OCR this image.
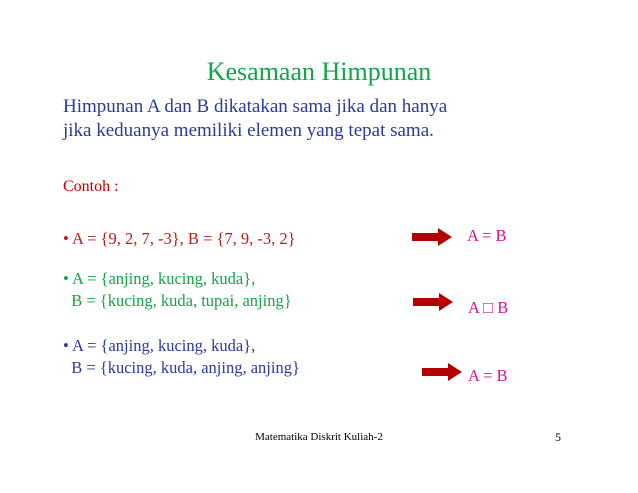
Kesamaan Himpunan
Himpunan A dan B dikatakan sama jika dan hanya
jika keduanya memiliki elemen yang tepat sama.
Contoh :
• A = {9, 2, 7, -3}, B = {7, 9, -3, 2}	A = B
• A = {anjing, kucing, kuda},
B = {kucing, kuda, tupai, anjing}	A □ B
• A = {anjing, kucing, kuda},
B = {kucing, kuda, anjing, anjing}	A = B
Matematika Diskrit Kuliah-2	5
